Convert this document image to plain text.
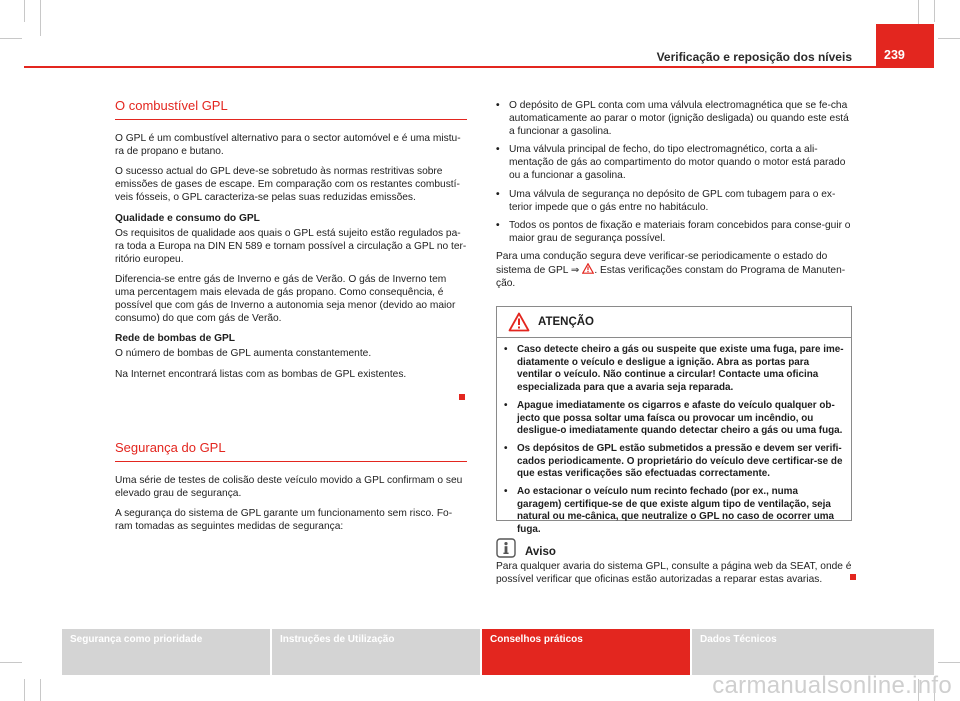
Verificação e reposição dos níveis	239
O combustível GPL

O GPL é um combustível alternativo para o sector automóvel e é uma mistu-ra de propano e butano.

O sucesso actual do GPL deve-se sobretudo às normas restritivas sobre emissões de gases de escape. Em comparação com os restantes combustí-veis fósseis, o GPL caracteriza-se pelas suas reduzidas emissões.

Qualidade e consumo do GPL

Os requisitos de qualidade aos quais o GPL está sujeito estão regulados pa-ra toda a Europa na DIN EN 589 e tornam possível a circulação a GPL no ter-ritório europeu.

Diferencia-se entre gás de Inverno e gás de Verão. O gás de Inverno tem uma percentagem mais elevada de gás propano. Como consequência, é possível que com gás de Inverno a autonomia seja menor (devido ao maior consumo) do que com gás de Verão.

Rede de bombas de GPL

O número de bombas de GPL aumenta constantemente.

Na Internet encontrará listas com as bombas de GPL existentes.

Segurança do GPL

Uma série de testes de colisão deste veículo movido a GPL confirmam o seu elevado grau de segurança.

A segurança do sistema de GPL garante um funcionamento sem risco. Fo-ram tomadas as seguintes medidas de segurança:

• O depósito de GPL conta com uma válvula electromagnética que se fe-cha automaticamente ao parar o motor (ignição desligada) ou quando este está a funcionar a gasolina.
• Uma válvula principal de fecho, do tipo electromagnético, corta a ali-mentação de gás ao compartimento do motor quando o motor está parado ou a funcionar a gasolina.
• Uma válvula de segurança no depósito de GPL com tubagem para o ex-terior impede que o gás entre no habitáculo.
• Todos os pontos de fixação e materiais foram concebidos para conse-guir o maior grau de segurança possível.

Para uma condução segura deve verificar-se periodicamente o estado do sistema de GPL ⇒ . Estas verificações constam do Programa de Manuten-ção.

ATENÇÃO
• Caso detecte cheiro a gás ou suspeite que existe uma fuga, pare ime-diatamente o veículo e desligue a ignição. Abra as portas para ventilar o veículo. Não continue a circular! Contacte uma oficina especializada para que a avaria seja reparada.
• Apague imediatamente os cigarros e afaste do veículo qualquer ob-jecto que possa soltar uma faísca ou provocar um incêndio, ou desligue-o imediatamente quando detectar cheiro a gás ou uma fuga.
• Os depósitos de GPL estão submetidos a pressão e devem ser verifi-cados periodicamente. O proprietário do veículo deve certificar-se de que estas verificações são efectuadas correctamente.
• Ao estacionar o veículo num recinto fechado (por ex., numa garagem) certifique-se de que existe algum tipo de ventilação, seja natural ou me-cânica, que neutralize o GPL no caso de ocorrer uma fuga.
Aviso

Para qualquer avaria do sistema GPL, consulte a página web da SEAT, onde é possível verificar que oficinas estão autorizadas a reparar estas avarias.

Segurança como prioridade	Instruções de Utilização	Conselhos práticos	Dados Técnicos
carmanualsonline.info
